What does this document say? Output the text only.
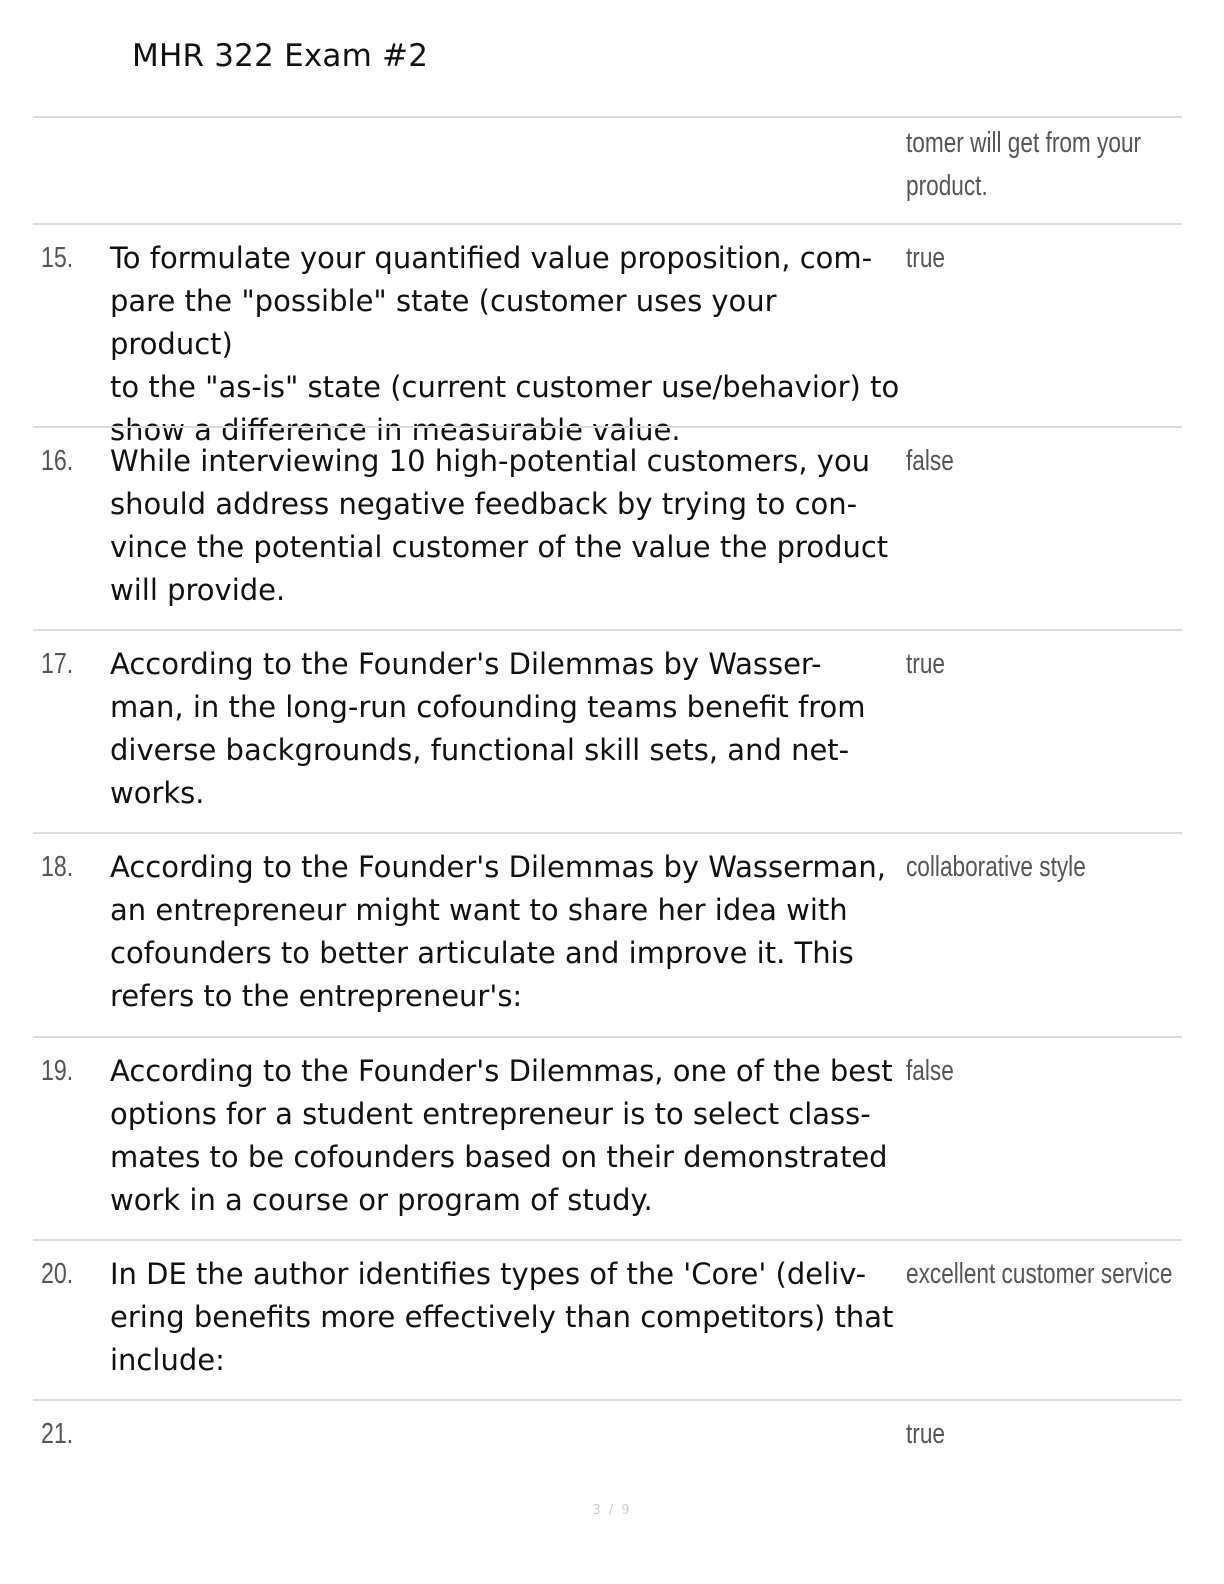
MHR 322 Exam #2
tomer will get from your
product.
15. To formulate your quantified value proposition, com-
pare the "possible" state (customer uses your product)
to the "as-is" state (current customer use/behavior) to
show a difference in measurable value.
true
16. While interviewing 10 high-potential customers, you
should address negative feedback by trying to con-
vince the potential customer of the value the product
will provide.
false
17. According to the Founder's Dilemmas by Wasser-
man, in the long-run cofounding teams benefit from
diverse backgrounds, functional skill sets, and net-
works.
true
18. According to the Founder's Dilemmas by Wasserman,
an entrepreneur might want to share her idea with
cofounders to better articulate and improve it. This
refers to the entrepreneur's:
collaborative style
19. According to the Founder's Dilemmas, one of the best
options for a student entrepreneur is to select class-
mates to be cofounders based on their demonstrated
work in a course or program of study.
false
20. In DE the author identifies types of the 'Core' (deliv-
ering benefits more effectively than competitors) that
include:
excellent customer service
21.	true
3 / 9
